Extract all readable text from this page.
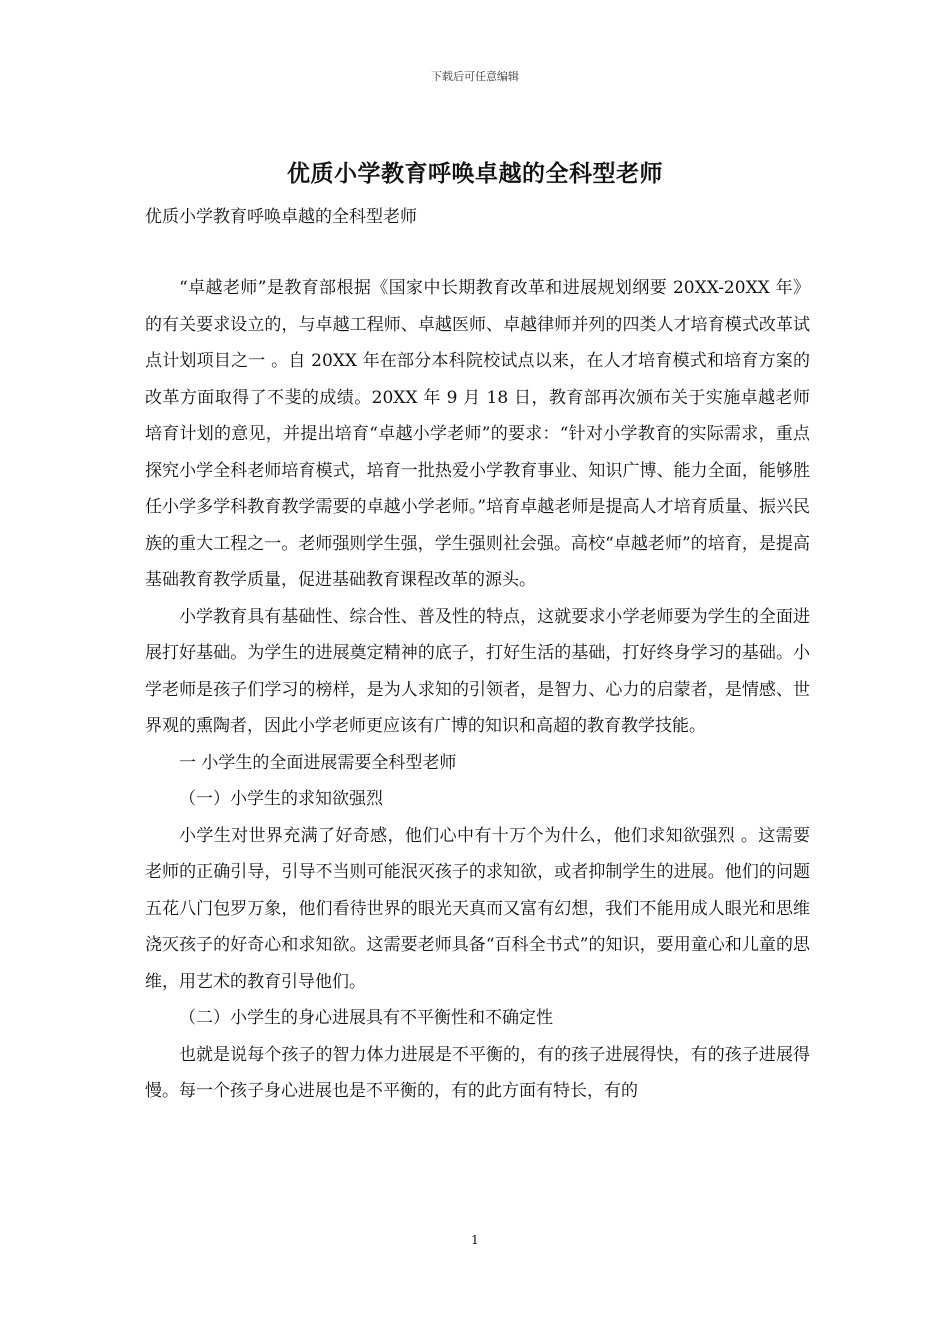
下载后可任意编辑
优质小学教育呼唤卓越的全科型老师
优质小学教育呼唤卓越的全科型老师

“卓越老师”是教育部根据《国家中长期教育改革和进展规划纲要 20XX-20XX 年》 的有关要求设立的，与卓越工程师、卓越医师、卓越律师并列的四类人才培育模式改革试点计划项目之一 。自 20XX 年在部分本科院校试点以来，在人才培育模式和培育方案的改革方面取得了不斐的成绩。20XX 年 9 月 18 日，教育部再次颁布关于实施卓越老师培育计划的意见，并提出培育“卓越小学老师”的要求：“针对小学教育的实际需求，重点探究小学全科老师培育模式，培育一批热爱小学教育事业、知识广博、能力全面，能够胜任小学多学科教育教学需要的卓越小学老师。”培育卓越老师是提高人才培育质量、振兴民族的重大工程之一。老师强则学生强，学生强则社会强。高校“卓越老师”的培育，是提高基础教育教学质量，促进基础教育课程改革的源头。

小学教育具有基础性、综合性、普及性的特点，这就要求小学老师要为学生的全面进展打好基础。为学生的进展奠定精神的底子，打好生活的基础，打好终身学习的基础。小学老师是孩子们学习的榜样，是为人求知的引领者，是智力、心力的启蒙者，是情感、世界观的熏陶者，因此小学老师更应该有广博的知识和高超的教育教学技能。

一 小学生的全面进展需要全科型老师

（一）小学生的求知欲强烈

小学生对世界充满了好奇感，他们心中有十万个为什么，他们求知欲强烈 。这需要老师的正确引导，引导不当则可能泯灭孩子的求知欲，或者抑制学生的进展。他们的问题五花八门包罗万象，他们看待世界的眼光天真而又富有幻想，我们不能用成人眼光和思维浇灭孩子的好奇心和求知欲。这需要老师具备“百科全书式”的知识，要用童心和儿童的思维，用艺术的教育引导他们。

（二）小学生的身心进展具有不平衡性和不确定性

也就是说每个孩子的智力体力进展是不平衡的，有的孩子进展得快，有的孩子进展得慢。每一个孩子身心进展也是不平衡的，有的此方面有特长，有的

1
